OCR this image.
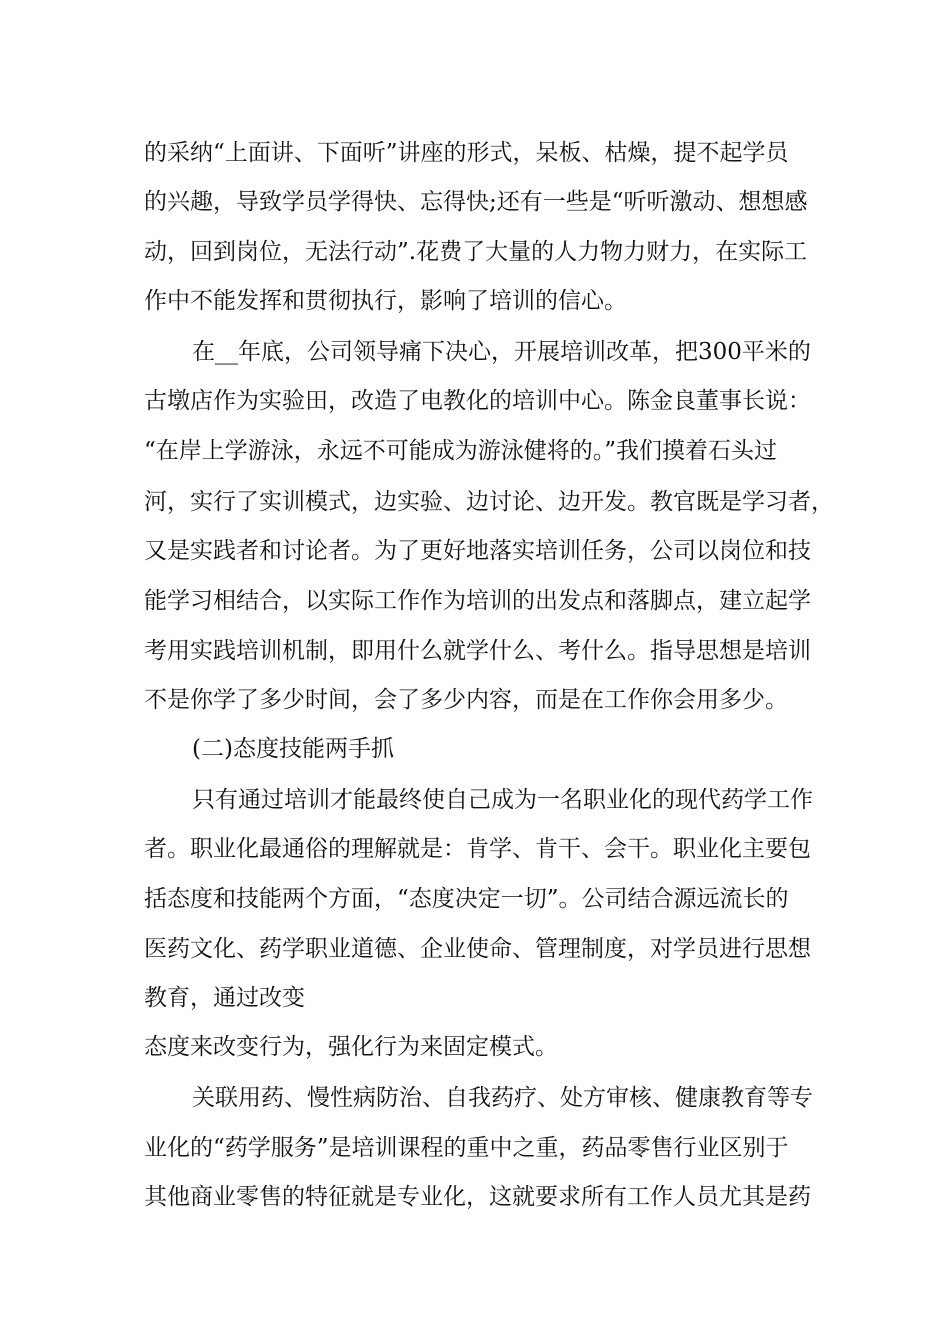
的采纳“上面讲、下面听”讲座的形式，呆板、枯燥，提不起学员
的兴趣，导致学员学得快、忘得快;还有一些是“听听激动、想想感
动，回到岗位，无法行动”.花费了大量的人力物力财力，在实际工
作中不能发挥和贯彻执行，影响了培训的信心。
在__年底，公司领导痛下决心，开展培训改革，把300平米的
古墩店作为实验田，改造了电教化的培训中心。陈金良董事长说：
“在岸上学游泳，永远不可能成为游泳健将的。”我们摸着石头过
河，实行了实训模式，边实验、边讨论、边开发。教官既是学习者，
又是实践者和讨论者。为了更好地落实培训任务，公司以岗位和技
能学习相结合，以实际工作作为培训的出发点和落脚点，建立起学
考用实践培训机制，即用什么就学什么、考什么。指导思想是培训
不是你学了多少时间，会了多少内容，而是在工作你会用多少。
(二)态度技能两手抓
只有通过培训才能最终使自己成为一名职业化的现代药学工作
者。职业化最通俗的理解就是：肯学、肯干、会干。职业化主要包
括态度和技能两个方面，“态度决定一切”。公司结合源远流长的
医药文化、药学职业道德、企业使命、管理制度，对学员进行思想
教育，通过改变
态度来改变行为，强化行为来固定模式。
关联用药、慢性病防治、自我药疗、处方审核、健康教育等专
业化的“药学服务”是培训课程的重中之重，药品零售行业区别于
其他商业零售的特征就是专业化，这就要求所有工作人员尤其是药
